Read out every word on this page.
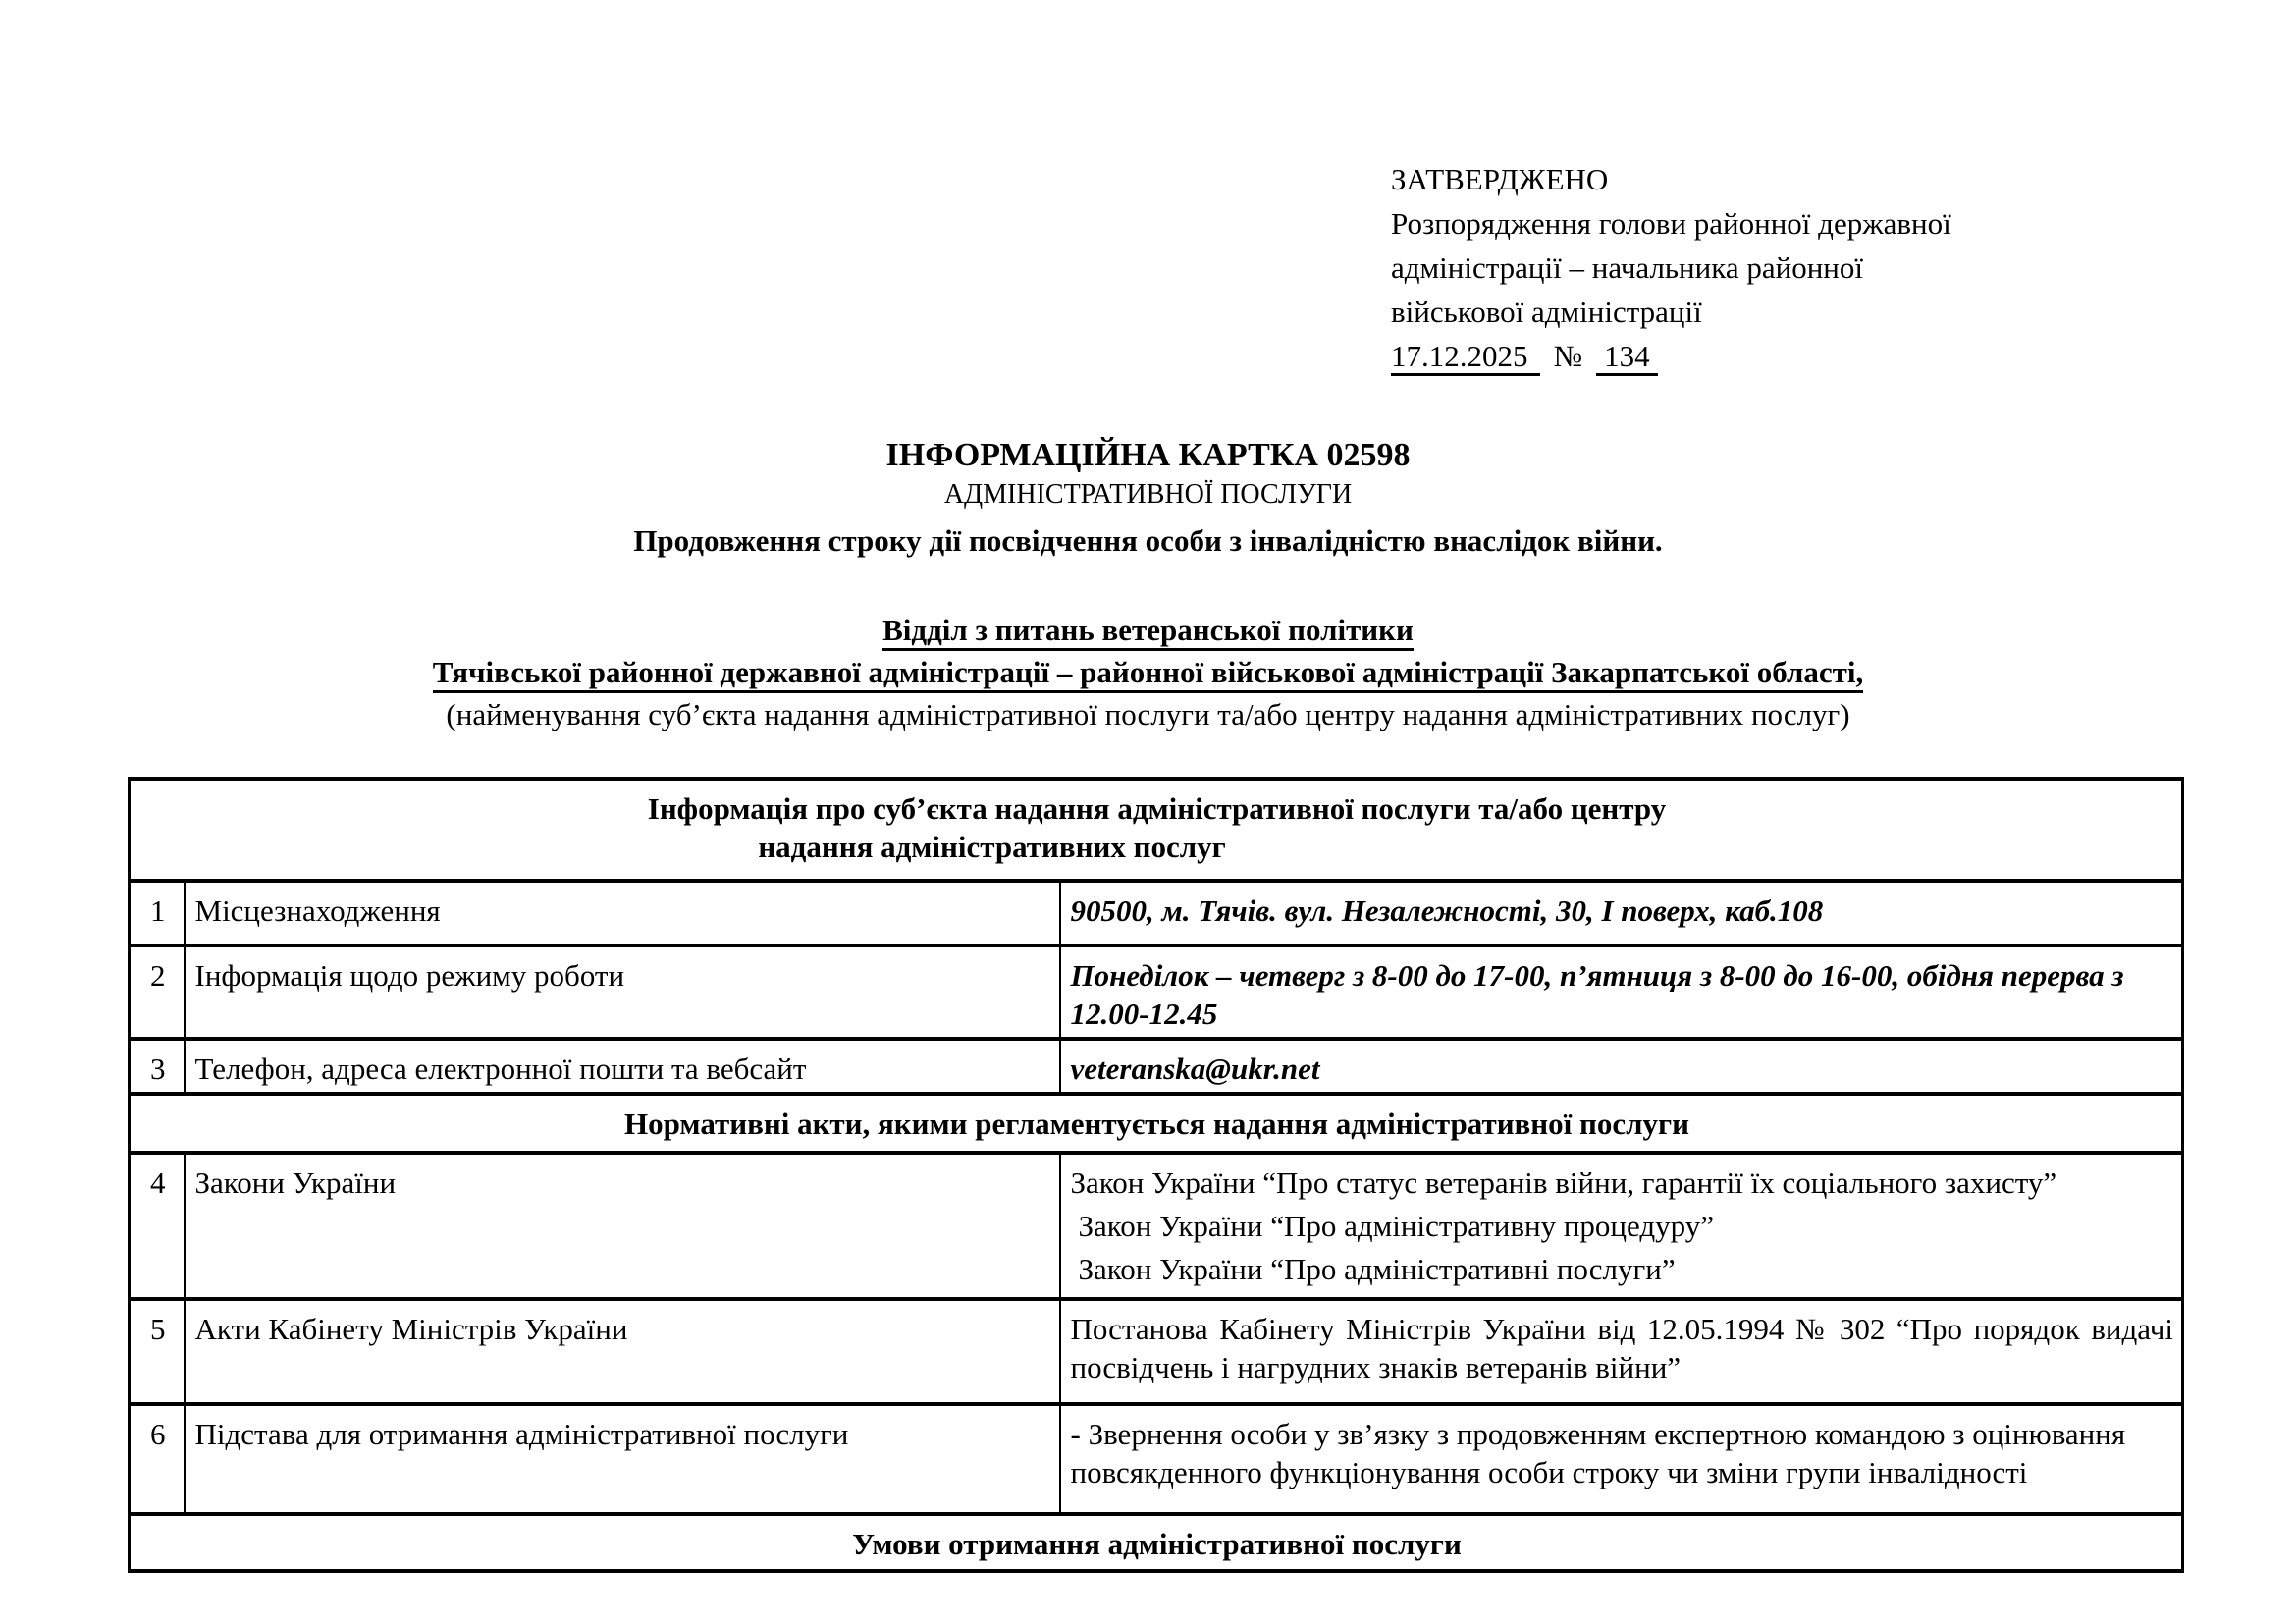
ЗАТВЕРДЖЕНО
Розпорядження голови районної державної
адміністрації – начальника районної
військової адміністрації
17.12.2025 № 134
ІНФОРМАЦІЙНА КАРТКА 02598
АДМІНІСТРАТИВНОЇ ПОСЛУГИ
Продовження строку дії посвідчення особи з інвалідністю внаслідок війни.
Відділ з питань ветеранської політики
Тячівської районної державної адміністрації – районної військової адміністрації Закарпатської області,
(найменування суб’єкта надання адміністративної послуги та/або центру надання адміністративних послуг)
Інформація про суб’єкта надання адміністративної послуги та/або центру
надання адміністративних послуг		

1	Місцезнаходження	90500, м. Тячів. вул. Незалежності, 30, І поверх, каб.108
2	Інформація щодо режиму роботи	Понеділок – четверг з 8-00 до 17-00, п’ятниця з 8-00 до 16-00, обідня перерва з 12.00-12.45
3	Телефон, адреса електронної пошти та вебсайт	veteranska@ukr.net
Нормативні акти, якими регламентується надання адміністративної послуги		
4	Закони України	Закон України “Про статус ветеранів війни, гарантії їх соціального захисту”

Закон України “Про адміністративну процедуру”

Закон України “Про адміністративні послуги”

5	Акти Кабінету Міністрів України	Постанова Кабінету Міністрів України від 12.05.1994 № 302 “Про порядок видачі посвідчень і нагрудних знаків ветеранів війни”
6	Підстава для отримання адміністративної послуги	- Звернення особи у зв’язку з продовженням експертною командою з оцінювання повсякденного функціонування особи строку чи зміни групи інвалідності
Умови отримання адміністративної послуги		
